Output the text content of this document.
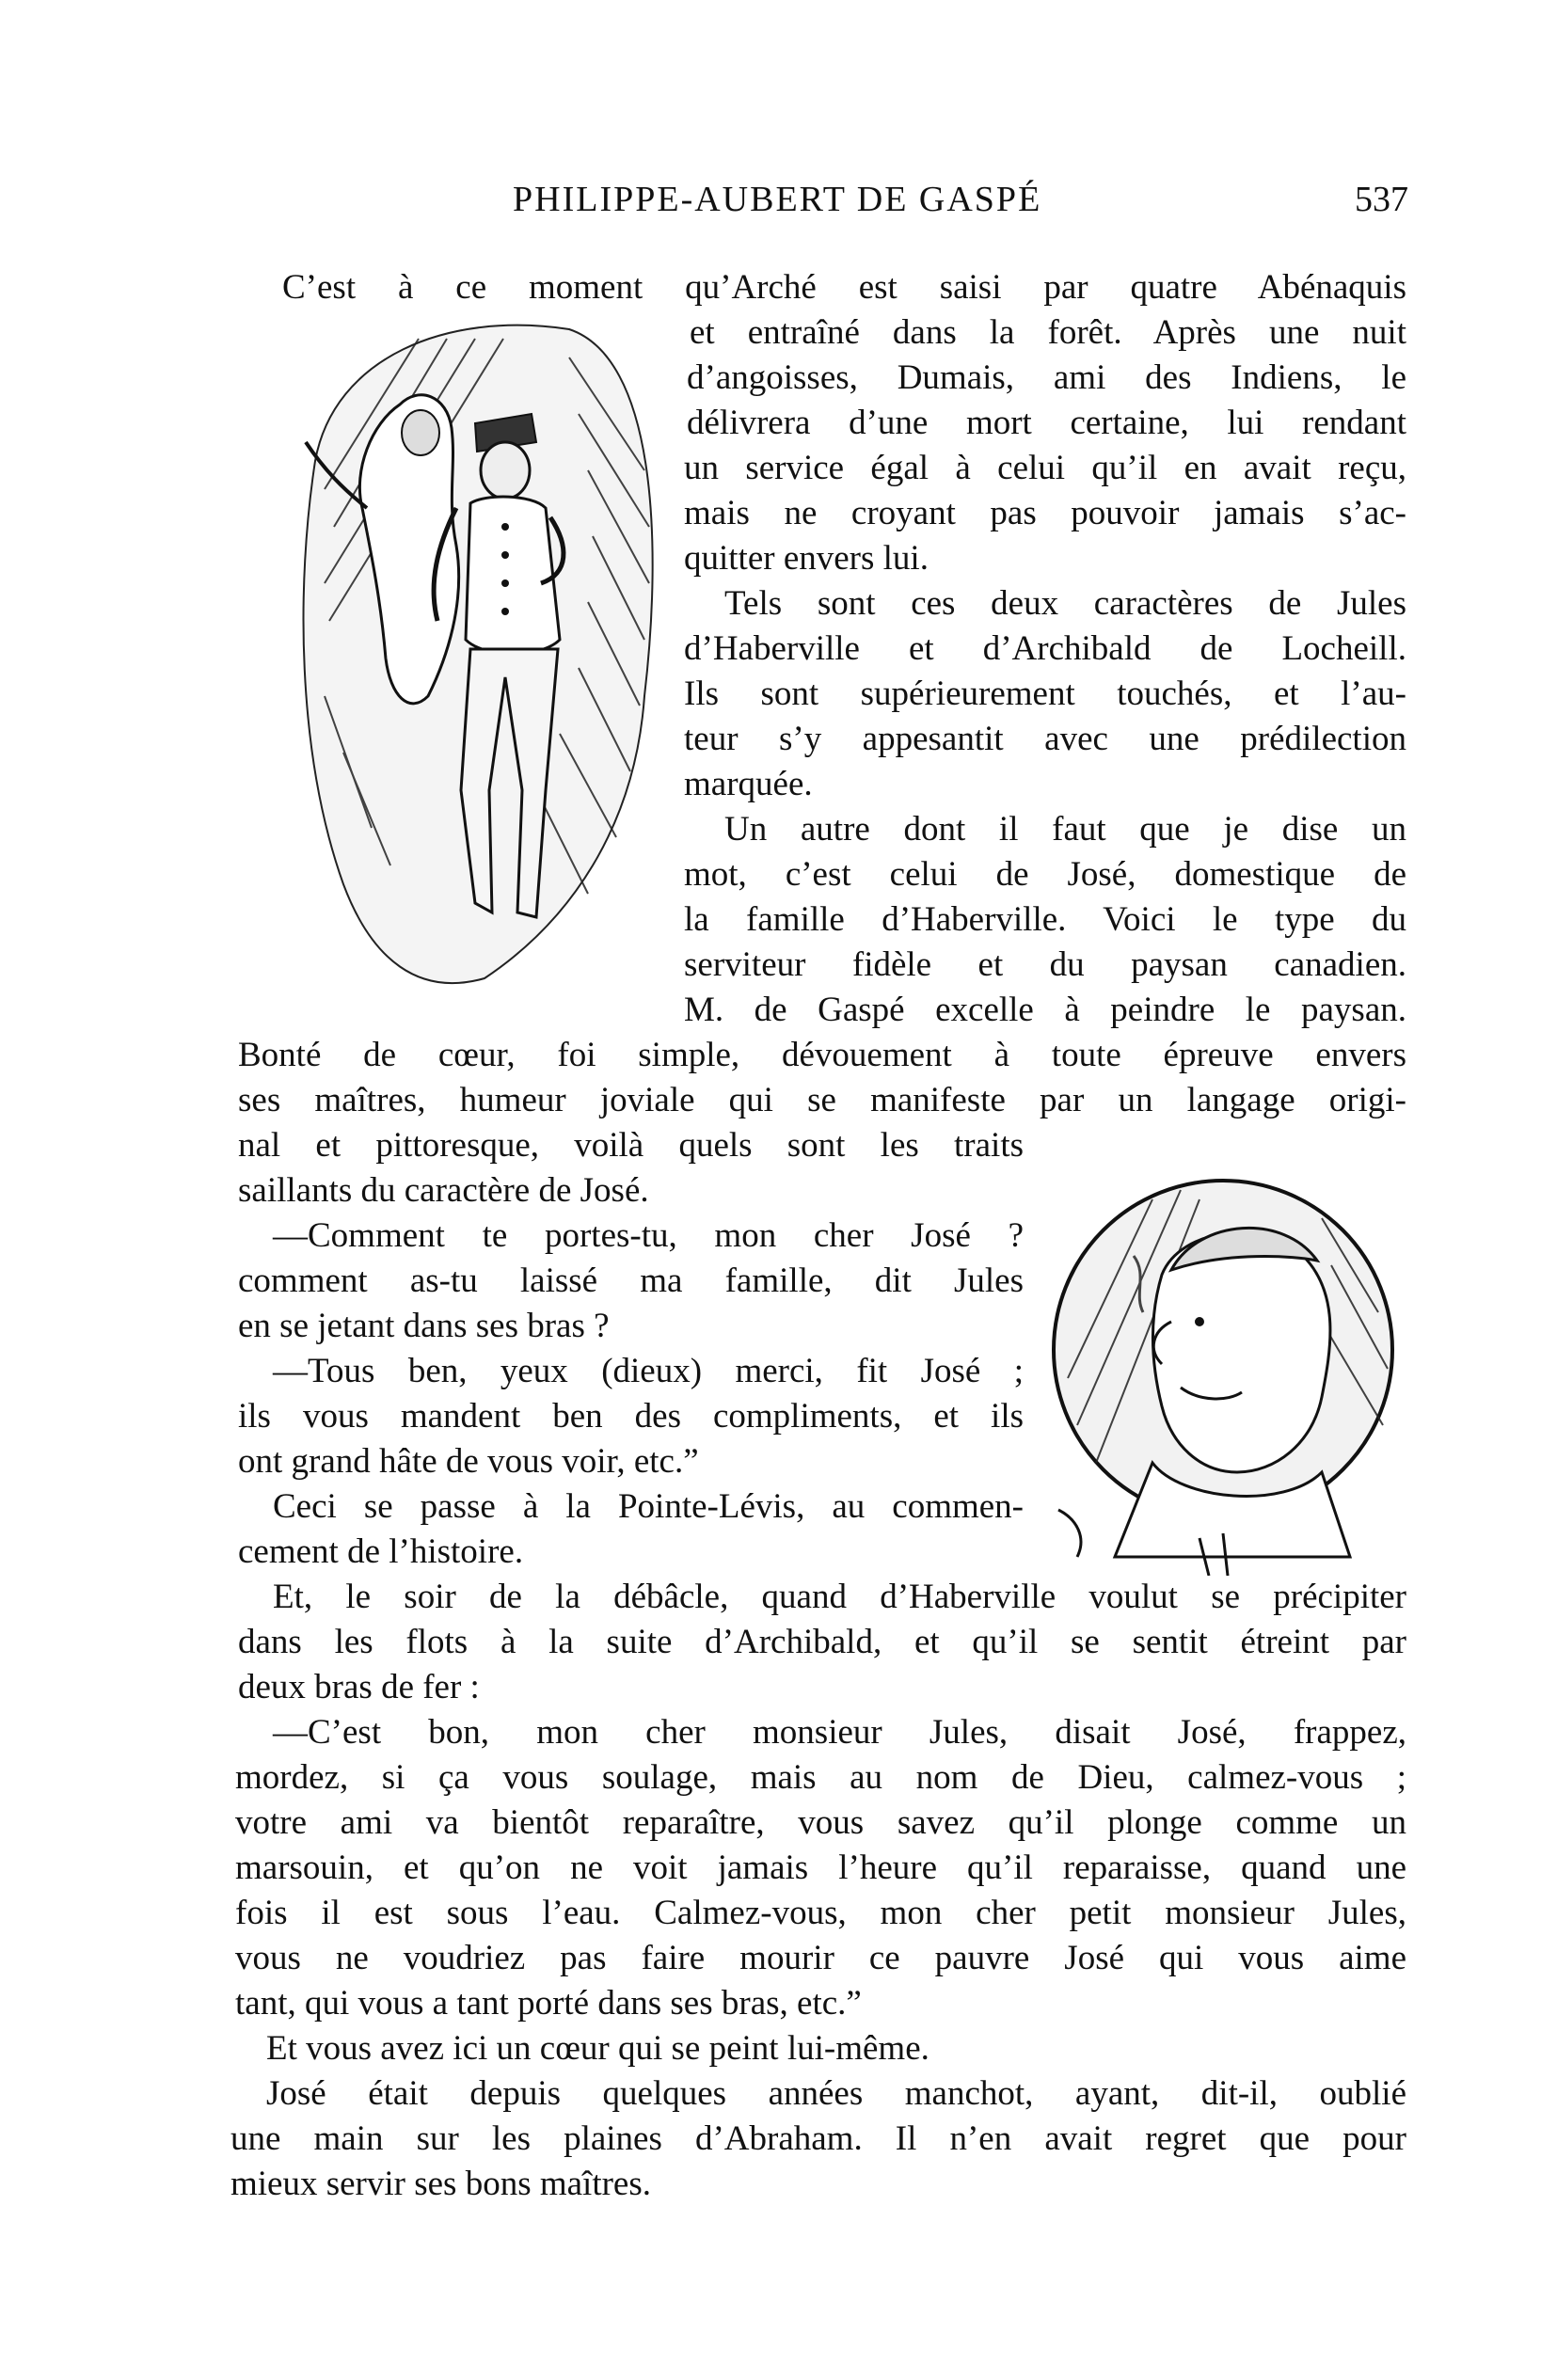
PHILIPPE-AUBERT DE GASPÉ	537
C’est à ce moment qu’Arché est saisi par quatre Abénaquis
et entraîné dans la forêt. Après une nuit
d’angoisses, Dumais, ami des Indiens, le
délivrera d’une mort certaine, lui rendant
un service égal à celui qu’il en avait reçu,
mais ne croyant pas pouvoir jamais s’ac-
quitter envers lui.
Tels sont ces deux caractères de Jules
d’Haberville et d’Archibald de Locheill.
Ils sont supérieurement touchés, et l’au-
teur s’y appesantit avec une prédilection
marquée.
Un autre dont il faut que je dise un
mot, c’est celui de José, domestique de
la famille d’Haberville. Voici le type du
serviteur fidèle et du paysan canadien.
M. de Gaspé excelle à peindre le paysan.
Bonté de cœur, foi simple, dévouement à toute épreuve envers
ses maîtres, humeur joviale qui se manifeste par un langage origi-
nal et pittoresque, voilà quels sont les traits
saillants du caractère de José.
—Comment te portes-tu, mon cher José ?
comment as-tu laissé ma famille, dit Jules
en se jetant dans ses bras ?
—Tous ben, yeux (dieux) merci, fit José ;
ils vous mandent ben des compliments, et ils
ont grand hâte de vous voir, etc.”
Ceci se passe à la Pointe-Lévis, au commen-
cement de l’histoire.
Et, le soir de la débâcle, quand d’Haberville voulut se précipiter
dans les flots à la suite d’Archibald, et qu’il se sentit étreint par
deux bras de fer :
—C’est bon, mon cher monsieur Jules, disait José, frappez,
mordez, si ça vous soulage, mais au nom de Dieu, calmez-vous ;
votre ami va bientôt reparaître, vous savez qu’il plonge comme un
marsouin, et qu’on ne voit jamais l’heure qu’il reparaisse, quand une
fois il est sous l’eau. Calmez-vous, mon cher petit monsieur Jules,
vous ne voudriez pas faire mourir ce pauvre José qui vous aime
tant, qui vous a tant porté dans ses bras, etc.”
Et vous avez ici un cœur qui se peint lui-même.
José était depuis quelques années manchot, ayant, dit-il, oublié
une main sur les plaines d’Abraham. Il n’en avait regret que pour
mieux servir ses bons maîtres.
